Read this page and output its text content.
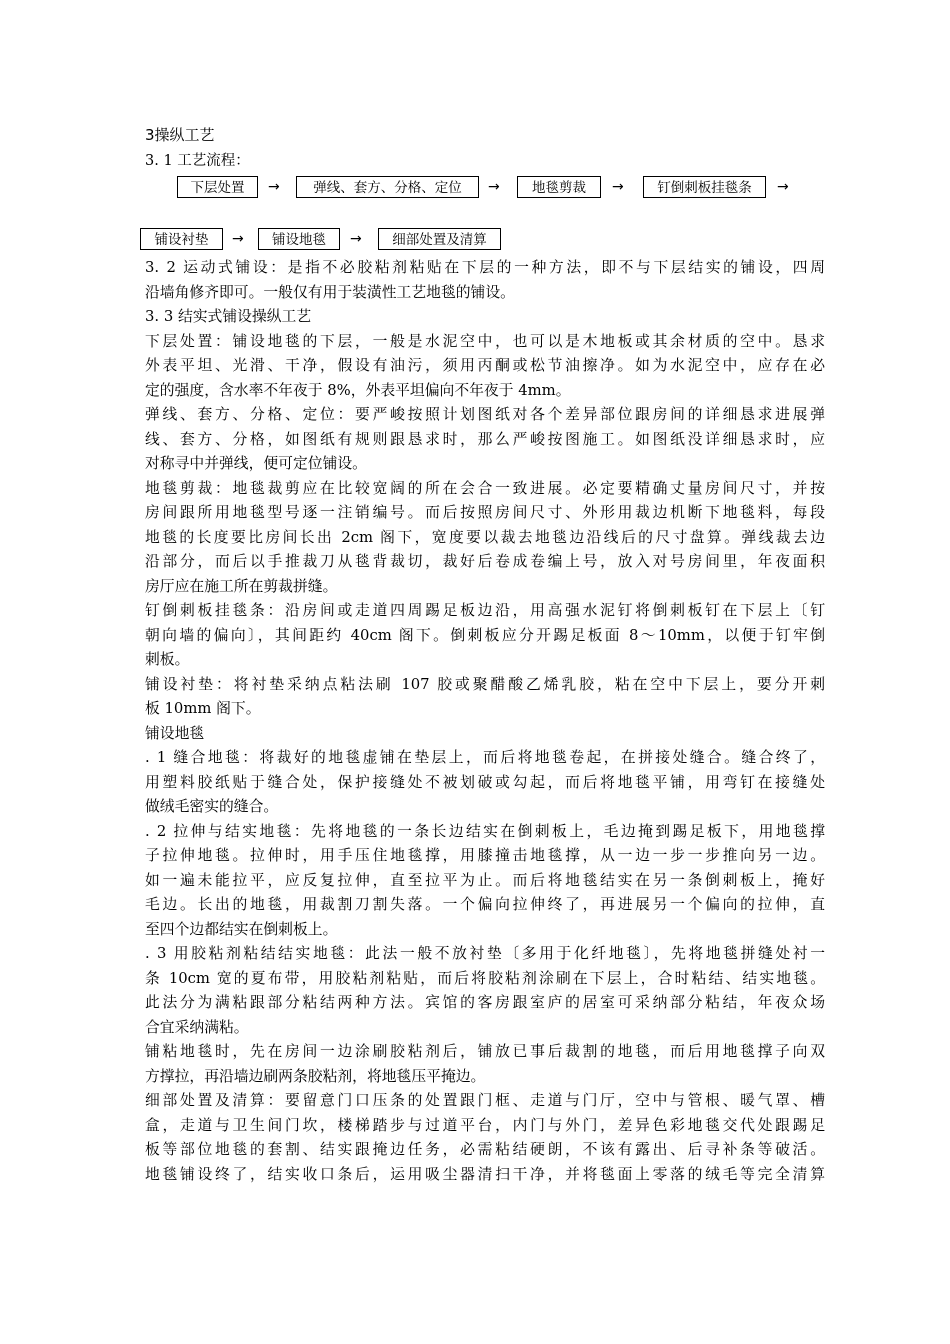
3操纵工艺
3. 1 工艺流程：
下层处置	→	弹线、套方、分格、定位	→	地毯剪裁	→	钉倒刺板挂毯条	→
铺设衬垫	→	铺设地毯	→	细部处置及清算

3. 2 运动式铺设：是指不必胶粘剂粘贴在下层的一种方法，即不与下层结实的铺设，四周

沿墙角修齐即可。一般仅有用于装潢性工艺地毯的铺设。

3. 3 结实式铺设操纵工艺

下层处置：铺设地毯的下层，一般是水泥空中，也可以是木地板或其余材质的空中。恳求

外表平坦、光滑、干净，假设有油污，须用丙酮或松节油擦净。如为水泥空中，应存在必

定的强度，含水率不年夜于 8%，外表平坦偏向不年夜于 4mm。

弹线、套方、分格、定位：要严峻按照计划图纸对各个差异部位跟房间的详细恳求进展弹

线、套方、分格，如图纸有规则跟恳求时，那么严峻按图施工。如图纸没详细恳求时，应

对称寻中并弹线，便可定位铺设。

地毯剪裁：地毯裁剪应在比较宽阔的所在会合一致进展。必定要精确丈量房间尺寸，并按

房间跟所用地毯型号逐一注销编号。而后按照房间尺寸、外形用裁边机断下地毯料，每段

地毯的长度要比房间长出 2cm 阁下，宽度要以裁去地毯边沿线后的尺寸盘算。弹线裁去边

沿部分，而后以手推裁刀从毯背裁切，裁好后卷成卷编上号，放入对号房间里，年夜面积

房厅应在施工所在剪裁拼缝。

钉倒刺板挂毯条：沿房间或走道四周踢足板边沿，用高强水泥钉将倒刺板钉在下层上〔钉

朝向墙的偏向〕，其间距约 40cm 阁下。倒刺板应分开踢足板面 8～10mm，以便于钉牢倒

刺板。

铺设衬垫：将衬垫采纳点粘法刷 107 胶或聚醋酸乙烯乳胶，粘在空中下层上，要分开刺

板 10mm 阁下。

铺设地毯

. 1 缝合地毯：将裁好的地毯虚铺在垫层上，而后将地毯卷起，在拼接处缝合。缝合终了，

用塑料胶纸贴于缝合处，保护接缝处不被划破或勾起，而后将地毯平铺，用弯钉在接缝处

做绒毛密实的缝合。

. 2 拉伸与结实地毯：先将地毯的一条长边结实在倒刺板上，毛边掩到踢足板下，用地毯撑

子拉伸地毯。拉伸时，用手压住地毯撑，用膝撞击地毯撑，从一边一步一步推向另一边。

如一遍未能拉平，应反复拉伸，直至拉平为止。而后将地毯结实在另一条倒刺板上，掩好

毛边。长出的地毯，用裁割刀割失落。一个偏向拉伸终了，再进展另一个偏向的拉伸，直

至四个边都结实在倒刺板上。

. 3 用胶粘剂粘结结实地毯：此法一般不放衬垫〔多用于化纤地毯〕，先将地毯拼缝处衬一

条 10cm 宽的夏布带，用胶粘剂粘贴，而后将胶粘剂涂刷在下层上，合时粘结、结实地毯。

此法分为满粘跟部分粘结两种方法。宾馆的客房跟室庐的居室可采纳部分粘结，年夜众场

合宜采纳满粘。

铺粘地毯时，先在房间一边涂刷胶粘剂后，铺放已事后裁割的地毯，而后用地毯撑子向双

方撑拉，再沿墙边刷两条胶粘剂，将地毯压平掩边。

细部处置及清算：要留意门口压条的处置跟门框、走道与门厅，空中与管根、暖气罩、槽

盒，走道与卫生间门坎，楼梯踏步与过道平台，内门与外门，差异色彩地毯交代处跟踢足

板等部位地毯的套割、结实跟掩边任务，必需粘结硬朗，不该有露出、后寻补条等破活。

地毯铺设终了，结实收口条后，运用吸尘器清扫干净，并将毯面上零落的绒毛等完全清算
